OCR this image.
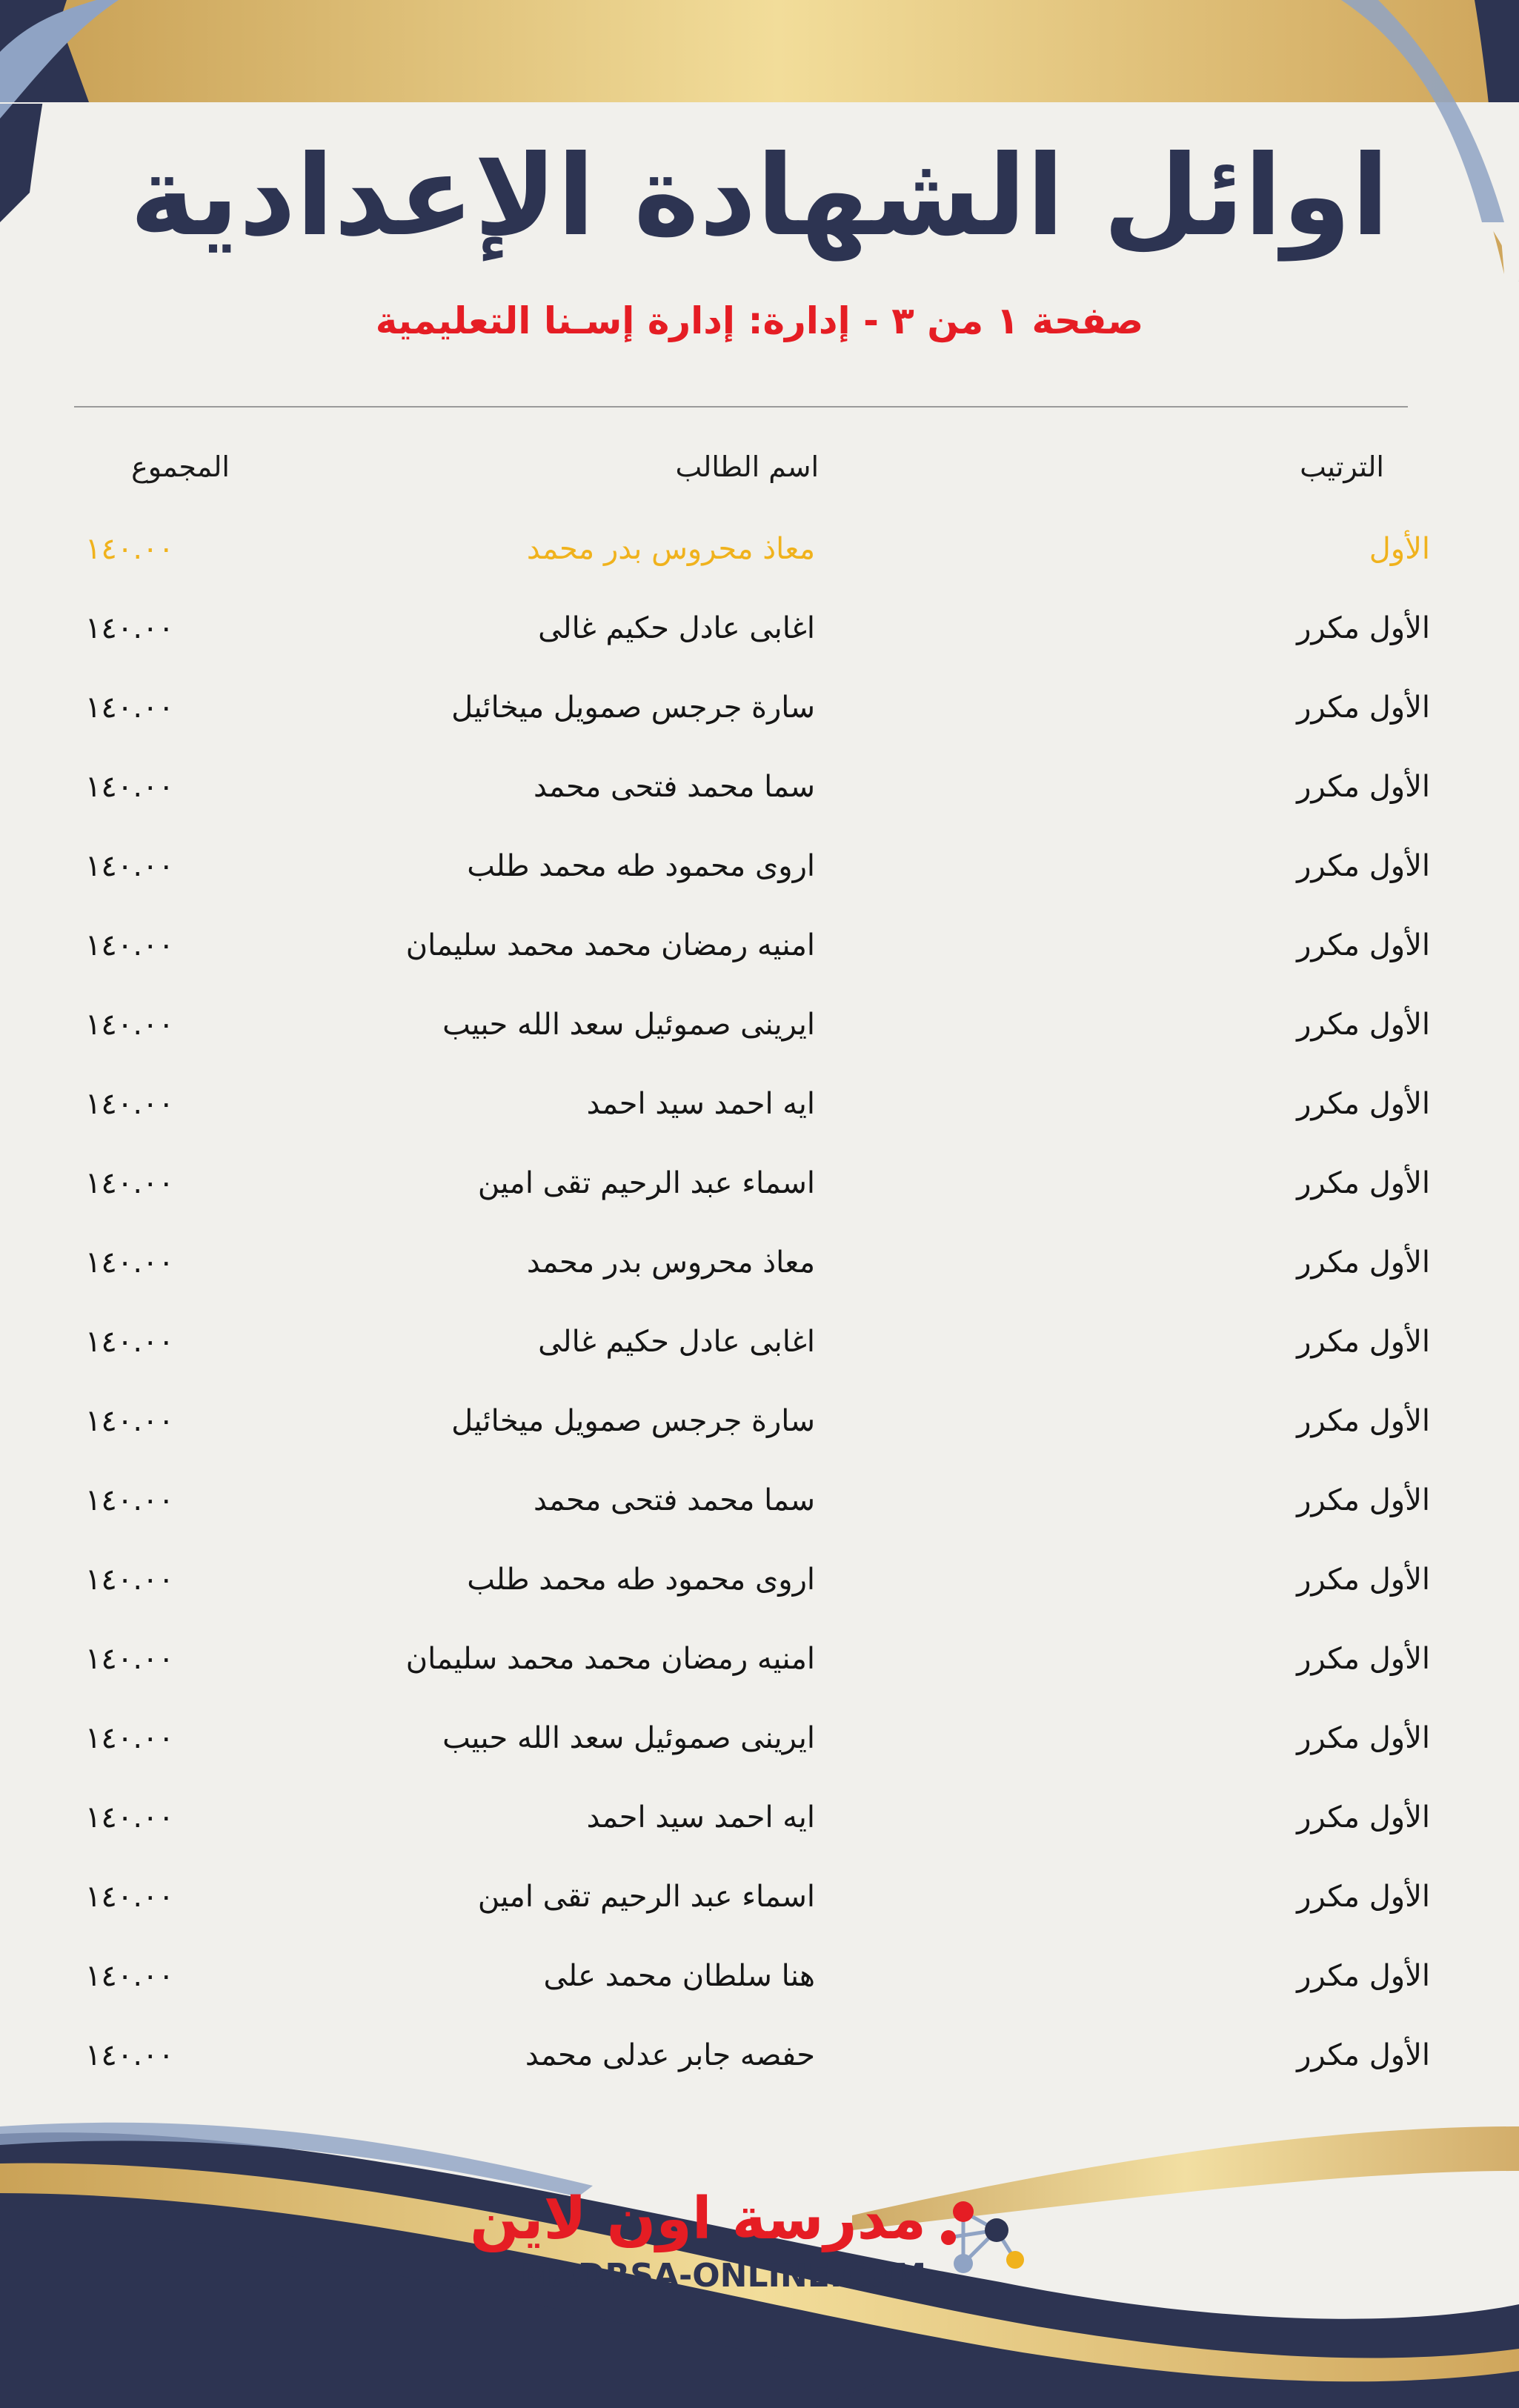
اوائل الشهادة الإعدادية
صفحة ١ من ٣ - إدارة: إدارة إسـنا التعليمية
الترتيب
اسم الطالب
المجموع
الأول
معاذ محروس بدر محمد
١٤٠.٠٠
الأول مكرر
اغابى عادل حكيم غالى
١٤٠.٠٠
الأول مكرر
سارة جرجس صمويل ميخائيل
١٤٠.٠٠
الأول مكرر
سما محمد فتحى محمد
١٤٠.٠٠
الأول مكرر
اروى محمود طه محمد طلب
١٤٠.٠٠
الأول مكرر
امنيه رمضان محمد محمد سليمان
١٤٠.٠٠
الأول مكرر
ايرينى صموئيل سعد الله حبيب
١٤٠.٠٠
الأول مكرر
ايه احمد سيد احمد
١٤٠.٠٠
الأول مكرر
اسماء عبد الرحيم تقى امين
١٤٠.٠٠
الأول مكرر
معاذ محروس بدر محمد
١٤٠.٠٠
الأول مكرر
اغابى عادل حكيم غالى
١٤٠.٠٠
الأول مكرر
سارة جرجس صمويل ميخائيل
١٤٠.٠٠
الأول مكرر
سما محمد فتحى محمد
١٤٠.٠٠
الأول مكرر
اروى محمود طه محمد طلب
١٤٠.٠٠
الأول مكرر
امنيه رمضان محمد محمد سليمان
١٤٠.٠٠
الأول مكرر
ايرينى صموئيل سعد الله حبيب
١٤٠.٠٠
الأول مكرر
ايه احمد سيد احمد
١٤٠.٠٠
الأول مكرر
اسماء عبد الرحيم تقى امين
١٤٠.٠٠
الأول مكرر
هنا سلطان محمد على
١٤٠.٠٠
الأول مكرر
حفصه جابر عدلى محمد
١٤٠.٠٠
مدرسة اون لاين
MADRSA-ONLINE.COM
